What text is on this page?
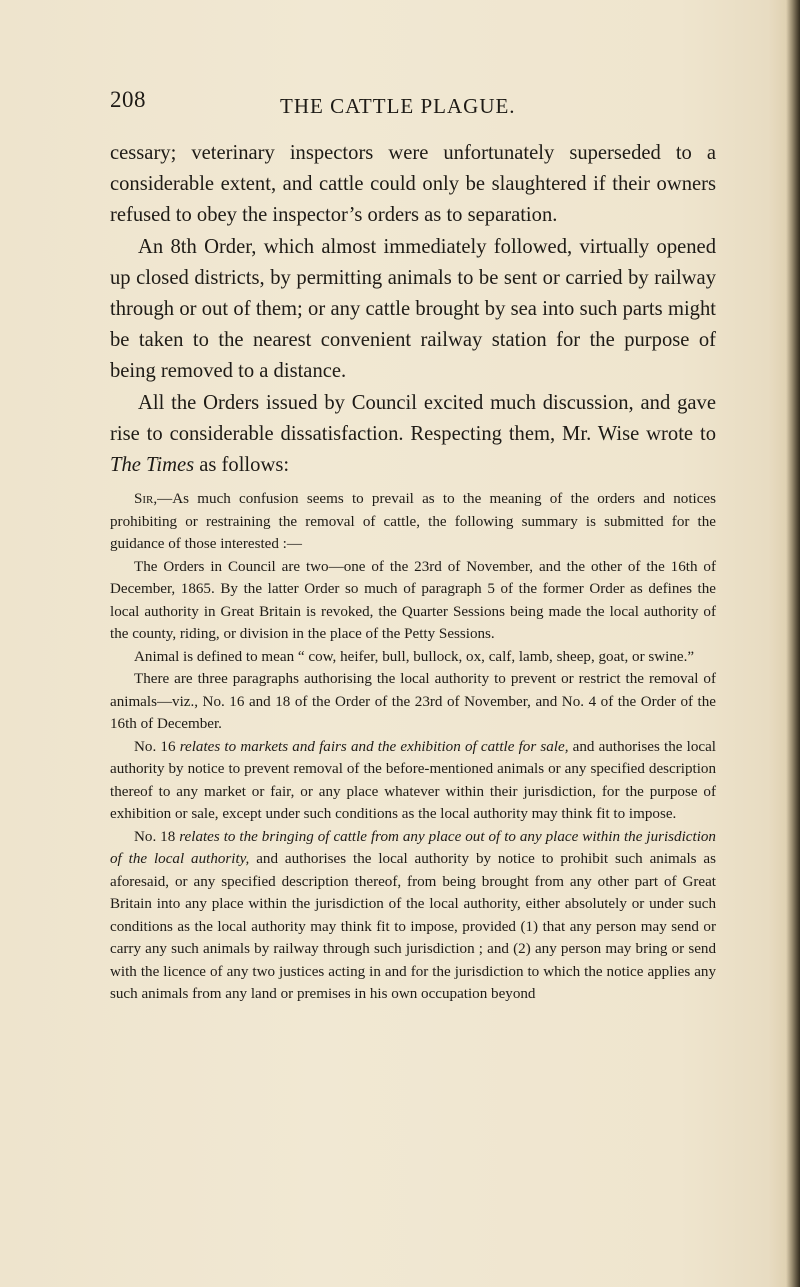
208	THE CATTLE PLAGUE.

cessary; veterinary inspectors were unfortunately superseded to a considerable extent, and cattle could only be slaughtered if their owners refused to obey the inspector’s orders as to separation.

An 8th Order, which almost immediately followed, virtually opened up closed districts, by permitting animals to be sent or carried by railway through or out of them; or any cattle brought by sea into such parts might be taken to the nearest convenient railway station for the purpose of being removed to a distance.

All the Orders issued by Council excited much discussion, and gave rise to considerable dissatisfaction. Respecting them, Mr. Wise wrote to The Times as follows:

Sir,—As much confusion seems to prevail as to the meaning of the orders and notices prohibiting or restraining the removal of cattle, the following summary is submitted for the guidance of those interested :—

The Orders in Council are two—one of the 23rd of November, and the other of the 16th of December, 1865. By the latter Order so much of paragraph 5 of the former Order as defines the local authority in Great Britain is revoked, the Quarter Sessions being made the local authority of the county, riding, or division in the place of the Petty Sessions.

Animal is defined to mean “ cow, heifer, bull, bullock, ox, calf, lamb, sheep, goat, or swine.”

There are three paragraphs authorising the local authority to prevent or restrict the removal of animals—viz., No. 16 and 18 of the Order of the 23rd of November, and No. 4 of the Order of the 16th of December.

No. 16 relates to markets and fairs and the exhibition of cattle for sale, and authorises the local authority by notice to prevent removal of the before-mentioned animals or any specified description thereof to any market or fair, or any place whatever within their jurisdiction, for the purpose of exhibition or sale, except under such conditions as the local authority may think fit to impose.

No. 18 relates to the bringing of cattle from any place out of to any place within the jurisdiction of the local authority, and authorises the local authority by notice to prohibit such animals as aforesaid, or any specified description thereof, from being brought from any other part of Great Britain into any place within the jurisdiction of the local authority, either absolutely or under such conditions as the local authority may think fit to impose, provided (1) that any person may send or carry any such animals by railway through such jurisdiction ; and (2) any person may bring or send with the licence of any two justices acting in and for the jurisdiction to which the notice applies any such animals from any land or premises in his own occupation beyond
